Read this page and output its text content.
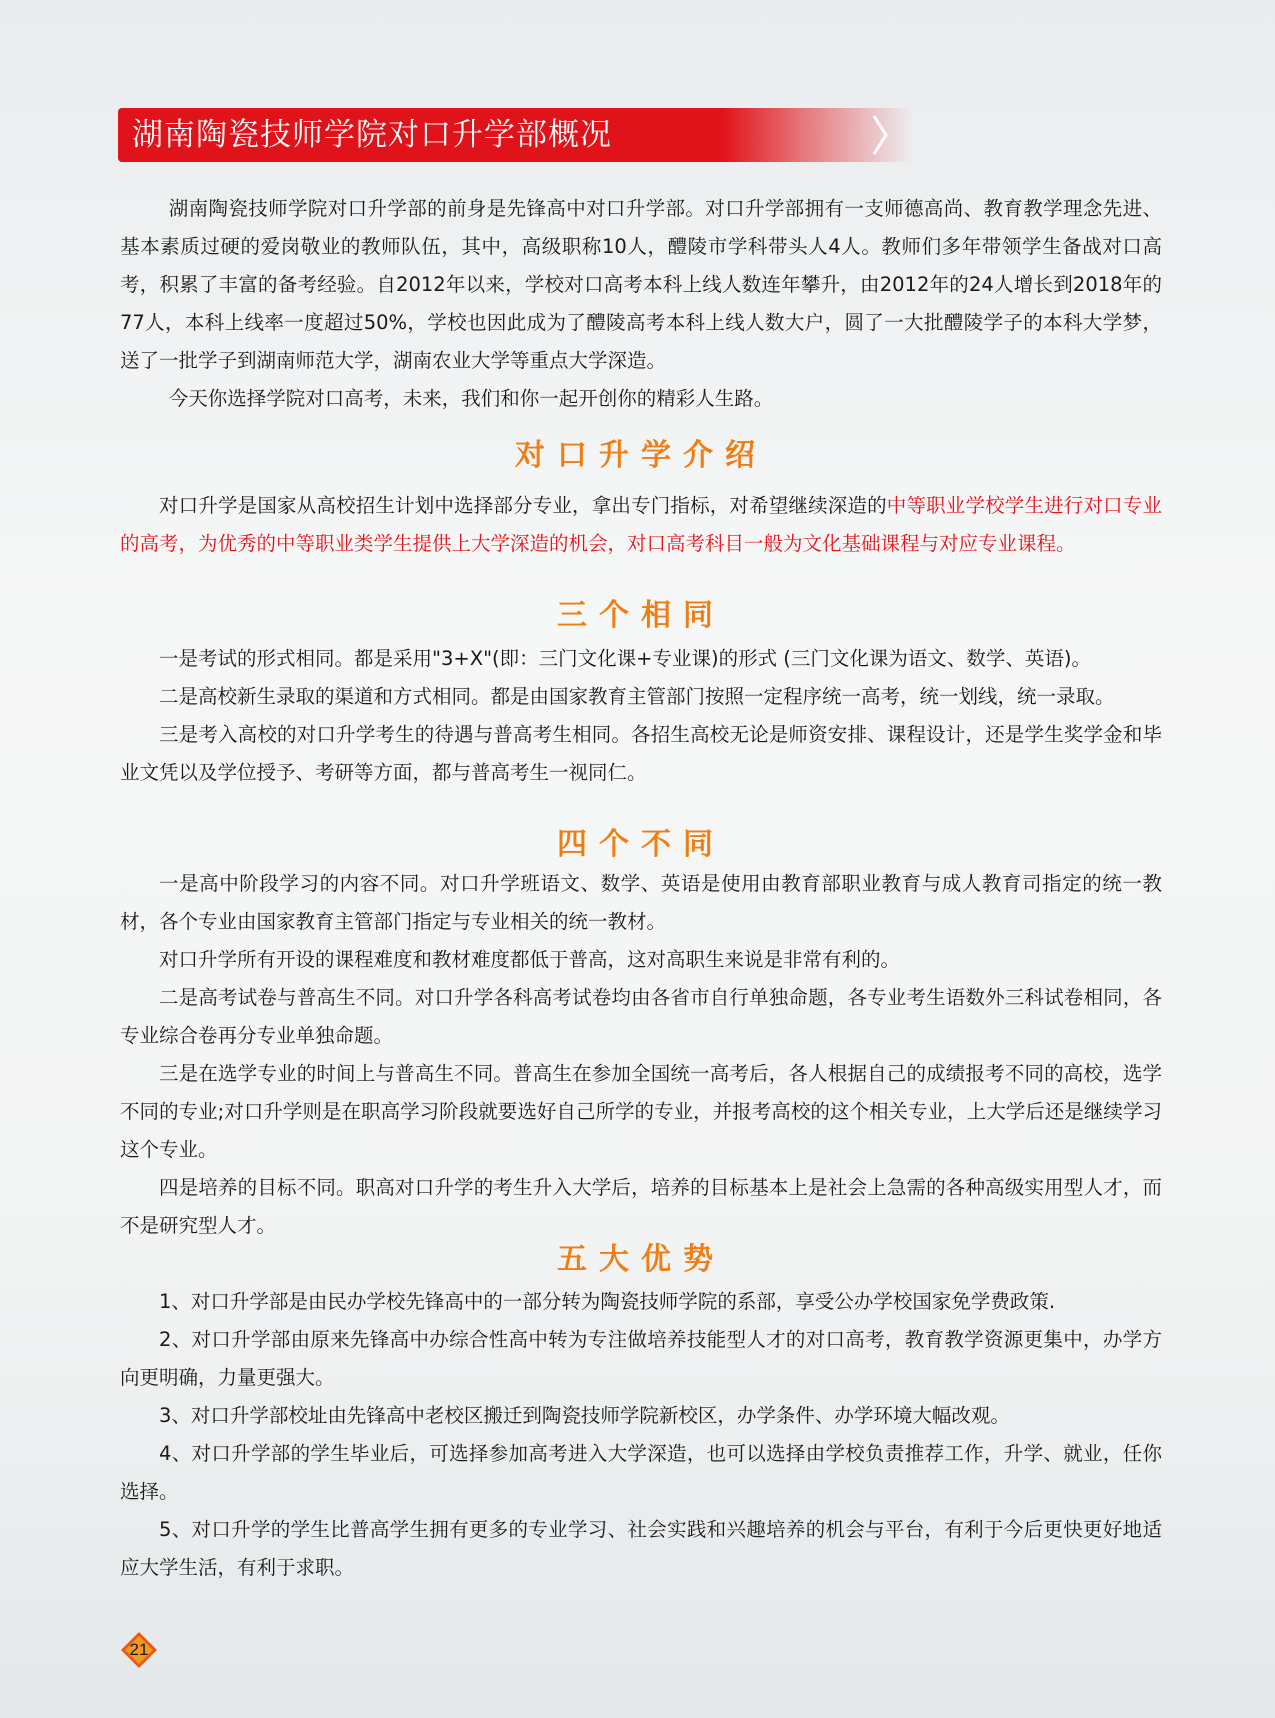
湖南陶瓷技师学院对口升学部概况

湖南陶瓷技师学院对口升学部的前身是先锋高中对口升学部。对口升学部拥有一支师德高尚、教育教学理念先进、基本素质过硬的爱岗敬业的教师队伍，其中，高级职称10人，醴陵市学科带头人4人。教师们多年带领学生备战对口高考，积累了丰富的备考经验。自2012年以来，学校对口高考本科上线人数连年攀升，由2012年的24人增长到2018年的77人，本科上线率一度超过50%，学校也因此成为了醴陵高考本科上线人数大户，圆了一大批醴陵学子的本科大学梦，送了一批学子到湖南师范大学，湖南农业大学等重点大学深造。

今天你选择学院对口高考，未来，我们和你一起开创你的精彩人生路。

对口升学介绍

对口升学是国家从高校招生计划中选择部分专业，拿出专门指标，对希望继续深造的中等职业学校学生进行对口专业的高考，为优秀的中等职业类学生提供上大学深造的机会，对口高考科目一般为文化基础课程与对应专业课程。

三个相同

一是考试的形式相同。都是采用"3+X"(即：三门文化课+专业课)的形式 (三门文化课为语文、数学、英语)。

二是高校新生录取的渠道和方式相同。都是由国家教育主管部门按照一定程序统一高考，统一划线，统一录取。

三是考入高校的对口升学考生的待遇与普高考生相同。各招生高校无论是师资安排、课程设计，还是学生奖学金和毕业文凭以及学位授予、考研等方面，都与普高考生一视同仁。

四个不同

一是高中阶段学习的内容不同。对口升学班语文、数学、英语是使用由教育部职业教育与成人教育司指定的统一教材，各个专业由国家教育主管部门指定与专业相关的统一教材。

对口升学所有开设的课程难度和教材难度都低于普高，这对高职生来说是非常有利的。

二是高考试卷与普高生不同。对口升学各科高考试卷均由各省市自行单独命题，各专业考生语数外三科试卷相同，各专业综合卷再分专业单独命题。

三是在选学专业的时间上与普高生不同。普高生在参加全国统一高考后，各人根据自己的成绩报考不同的高校，选学不同的专业;对口升学则是在职高学习阶段就要选好自己所学的专业，并报考高校的这个相关专业，上大学后还是继续学习这个专业。

四是培养的目标不同。职高对口升学的考生升入大学后，培养的目标基本上是社会上急需的各种高级实用型人才，而不是研究型人才。

五大优势

1、对口升学部是由民办学校先锋高中的一部分转为陶瓷技师学院的系部，享受公办学校国家免学费政策.

2、对口升学部由原来先锋高中办综合性高中转为专注做培养技能型人才的对口高考，教育教学资源更集中，办学方向更明确，力量更强大。

3、对口升学部校址由先锋高中老校区搬迁到陶瓷技师学院新校区，办学条件、办学环境大幅改观。

4、对口升学部的学生毕业后，可选择参加高考进入大学深造，也可以选择由学校负责推荐工作，升学、就业，任你选择。

5、对口升学的学生比普高学生拥有更多的专业学习、社会实践和兴趣培养的机会与平台，有利于今后更快更好地适应大学生活，有利于求职。

21
